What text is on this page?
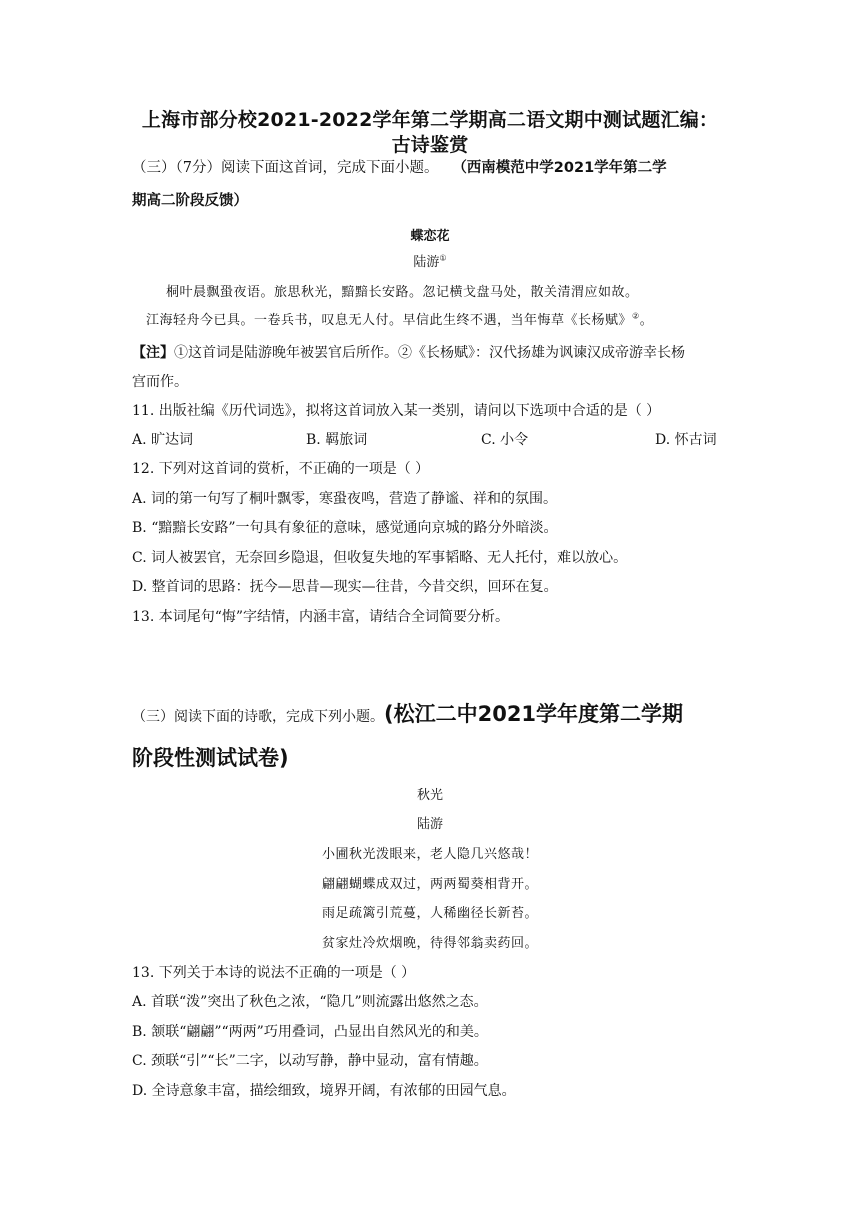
上海市部分校2021-2022学年第二学期高二语文期中测试题汇编：
古诗鉴赏
（三）（7分）阅读下面这首词，完成下面小题。 （西南模范中学2021学年第二学
期高二阶段反馈）
蝶恋花
陆游①
桐叶晨飘蛩夜语。旅思秋光，黯黯长安路。忽记横戈盘马处，散关清渭应如故。
江海轻舟今已具。一卷兵书，叹息无人付。早信此生终不遇，当年悔草《长杨赋》②。
【注】①这首词是陆游晚年被罢官后所作。②《长杨赋》：汉代扬雄为讽谏汉成帝游幸长杨
宫而作。
11. 出版社编《历代词选》，拟将这首词放入某一类别，请问以下选项中合适的是（ ）
A. 旷达词	B. 羁旅词	C. 小令	D. 怀古词
12. 下列对这首词的赏析，不正确的一项是（ ）
A. 词的第一句写了桐叶飘零，寒蛩夜鸣，营造了静谧、祥和的氛围。
B. “黯黯长安路”一句具有象征的意味，感觉通向京城的路分外暗淡。
C. 词人被罢官，无奈回乡隐退，但收复失地的军事韬略、无人托付，难以放心。
D. 整首词的思路：抚今—思昔—现实—往昔，今昔交织，回环在复。
13. 本词尾句“悔”字结情，内涵丰富，请结合全词简要分析。
（三）阅读下面的诗歌，完成下列小题。(松江二中2021学年度第二学期
阶段性测试试卷)
秋光
陆游
小圃秋光泼眼来，老人隐几兴悠哉！
翩翩蝴蝶成双过，两两蜀葵相背开。
雨足疏篱引荒蔓，人稀幽径长新苔。
贫家灶冷炊烟晚，待得邻翁卖药回。
13. 下列关于本诗的说法不正确的一项是（ ）
A. 首联“泼”突出了秋色之浓，“隐几”则流露出悠然之态。
B. 颔联“翩翩”“两两”巧用叠词，凸显出自然风光的和美。
C. 颈联“引”“长”二字，以动写静，静中显动，富有情趣。
D. 全诗意象丰富，描绘细致，境界开阔，有浓郁的田园气息。
